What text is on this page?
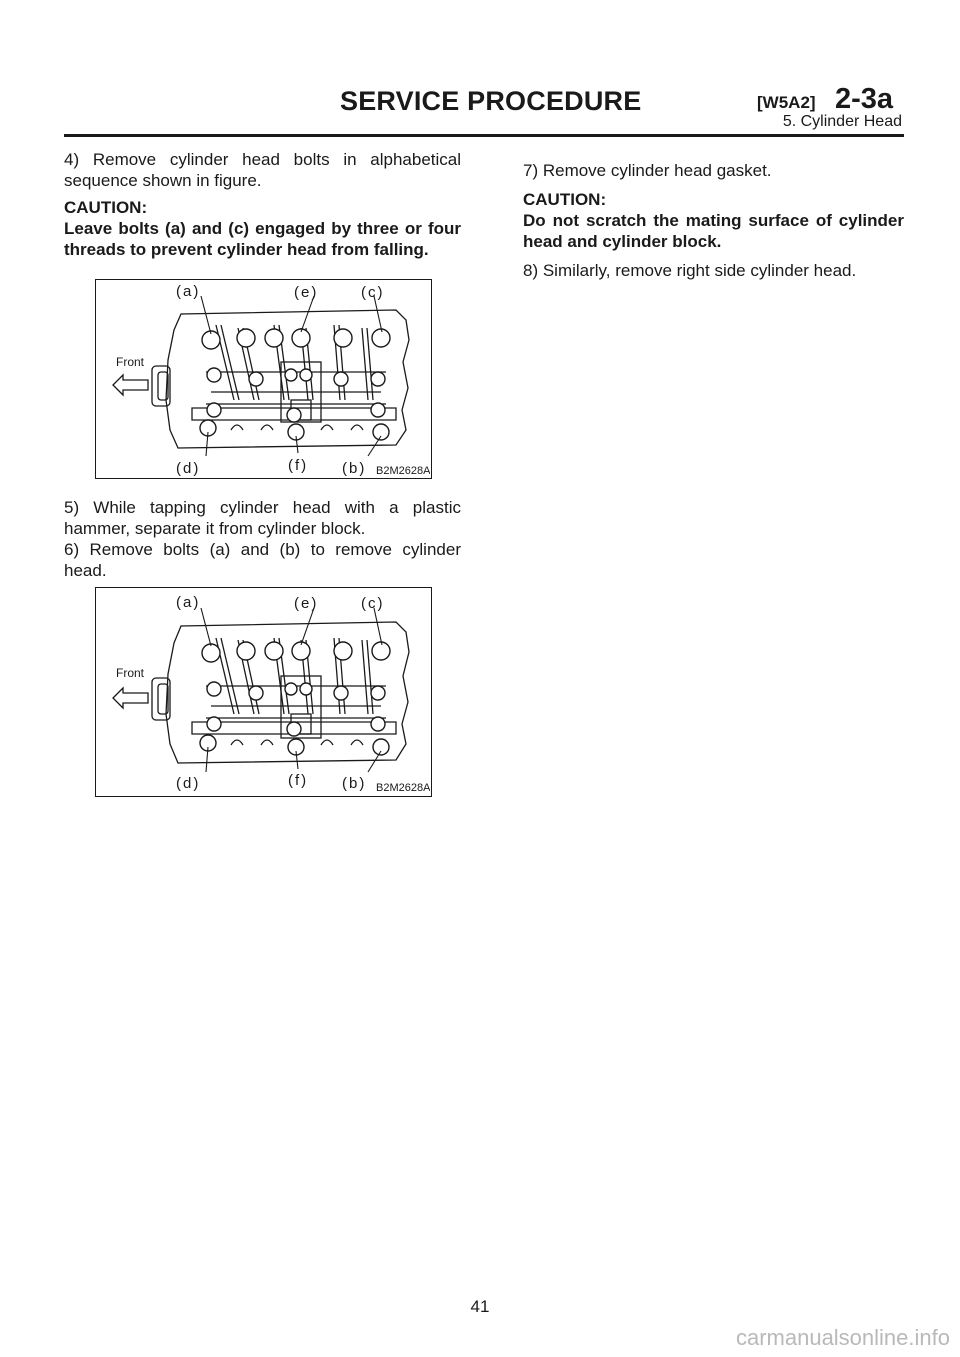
SERVICE PROCEDURE	[W5A2] 2-3a
5. Cylinder Head

4) Remove cylinder head bolts in alphabetical sequence shown in figure.

CAUTION:

Leave bolts (a) and (c) engaged by three or four threads to prevent cylinder head from falling.

Front
(a)	(e)	(c)
(d)	(f) (b) B2M2628A

5) While tapping cylinder head with a plastic hammer, separate it from cylinder block.

6) Remove bolts (a) and (b) to remove cylinder head.

Front
(a)	(e)	(c)
(d)	(f) (b) B2M2628A

7) Remove cylinder head gasket.

CAUTION:

Do not scratch the mating surface of cylinder head and cylinder block.

8) Similarly, remove right side cylinder head.

41
carmanualsonline.info
